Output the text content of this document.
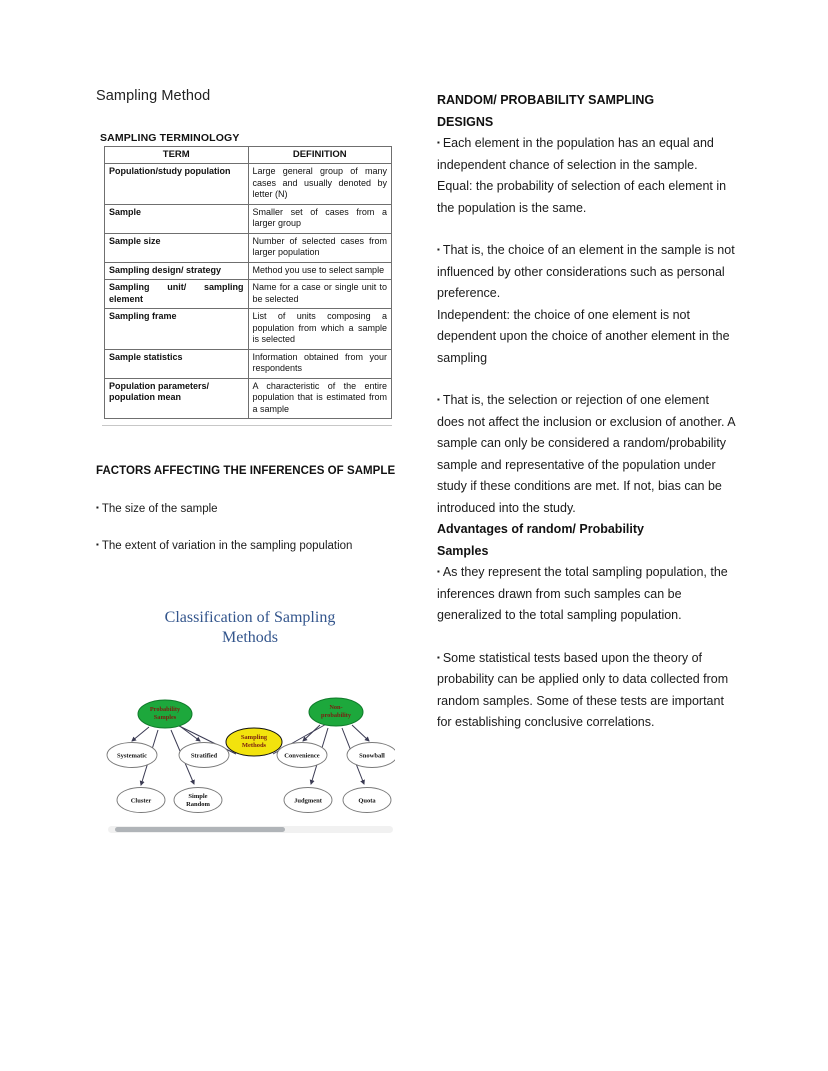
Sampling Method
SAMPLING TERMINOLOGY
TERM	DEFINITION
Population/study population	Large general group of many cases and usually denoted by letter (N)
Sample	Smaller set of cases from a larger group
Sample size	Number of selected cases from larger population
Sampling design/ strategy	Method you use to select sample
Sampling unit/ sampling element	Name for a case or single unit to be selected
Sampling frame	List of units composing a population from which a sample is selected
Sample statistics	Information obtained from your respondents
Population parameters/ population mean	A characteristic of the entire population that is estimated from a sample
FACTORS AFFECTING THE INFERENCES OF SAMPLE
▪ The size of the sample
▪ The extent of variation in the sampling population
Classification of Sampling
Methods
Sampling
Methods
Probability
Samples
Non-
probability
Systematic	Stratified	Convenience	Snowball
Cluster
Simple
Random	Judgment	Quota
RANDOM/ PROBABILITY SAMPLING
DESIGNS

▪ Each element in the population has an equal and independent chance of selection in the sample.

Equal: the probability of selection of each element in the population is the same.

▪ That is, the choice of an element in the sample is not influenced by other considerations such as personal preference.

Independent: the choice of one element is not dependent upon the choice of another element in the sampling

▪ That is, the selection or rejection of one element does not affect the inclusion or exclusion of another. A sample can only be considered a random/probability sample and representative of the population under study if these conditions are met. If not, bias can be introduced into the study.

Advantages of random/ Probability
Samples

▪ As they represent the total sampling population, the inferences drawn from such samples can be generalized to the total sampling population.

▪ Some statistical tests based upon the theory of probability can be applied only to data collected from random samples. Some of these tests are important for establishing conclusive correlations.
